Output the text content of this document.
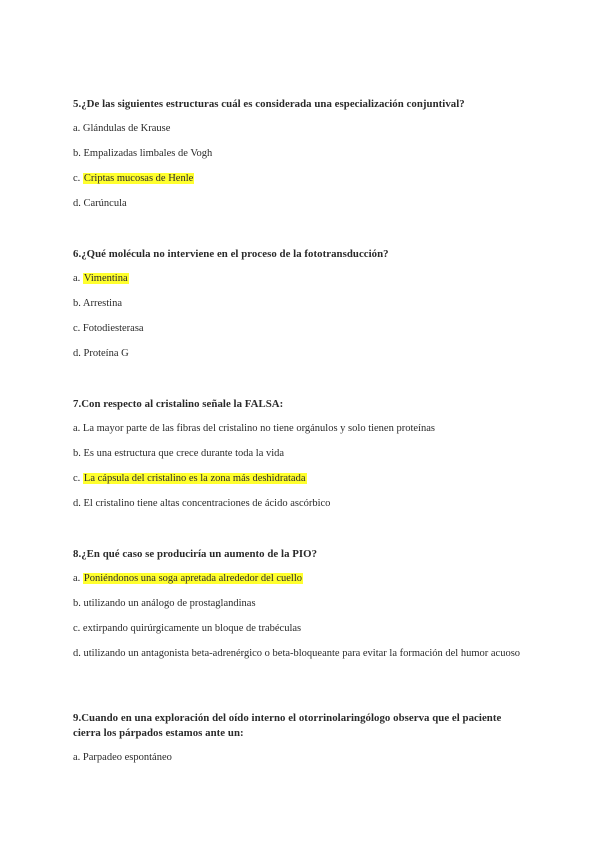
5.¿De las siguientes estructuras cuál es considerada una especialización conjuntival?

a. Glándulas de Krause

b. Empalizadas limbales de Vogh

c. Criptas mucosas de Henle

d. Carúncula

6.¿Qué molécula no interviene en el proceso de la fototransducción?

a. Vimentina

b. Arrestina

c. Fotodiesterasa

d. Proteína G

7.Con respecto al cristalino señale la FALSA:

a. La mayor parte de las fibras del cristalino no tiene orgánulos y solo tienen proteínas

b. Es una estructura que crece durante toda la vida

c. La cápsula del cristalino es la zona más deshidratada

d. El cristalino tiene altas concentraciones de ácido ascórbico

8.¿En qué caso se produciría un aumento de la PIO?

a. Poniéndonos una soga apretada alrededor del cuello

b. utilizando un análogo de prostaglandinas

c. extirpando quirúrgicamente un bloque de trabéculas

d. utilizando un antagonista beta-adrenérgico o beta-bloqueante para evitar la formación del humor acuoso

9.Cuando en una exploración del oído interno el otorrinolaringólogo observa que el paciente cierra los párpados estamos ante un:

a. Parpadeo espontáneo
